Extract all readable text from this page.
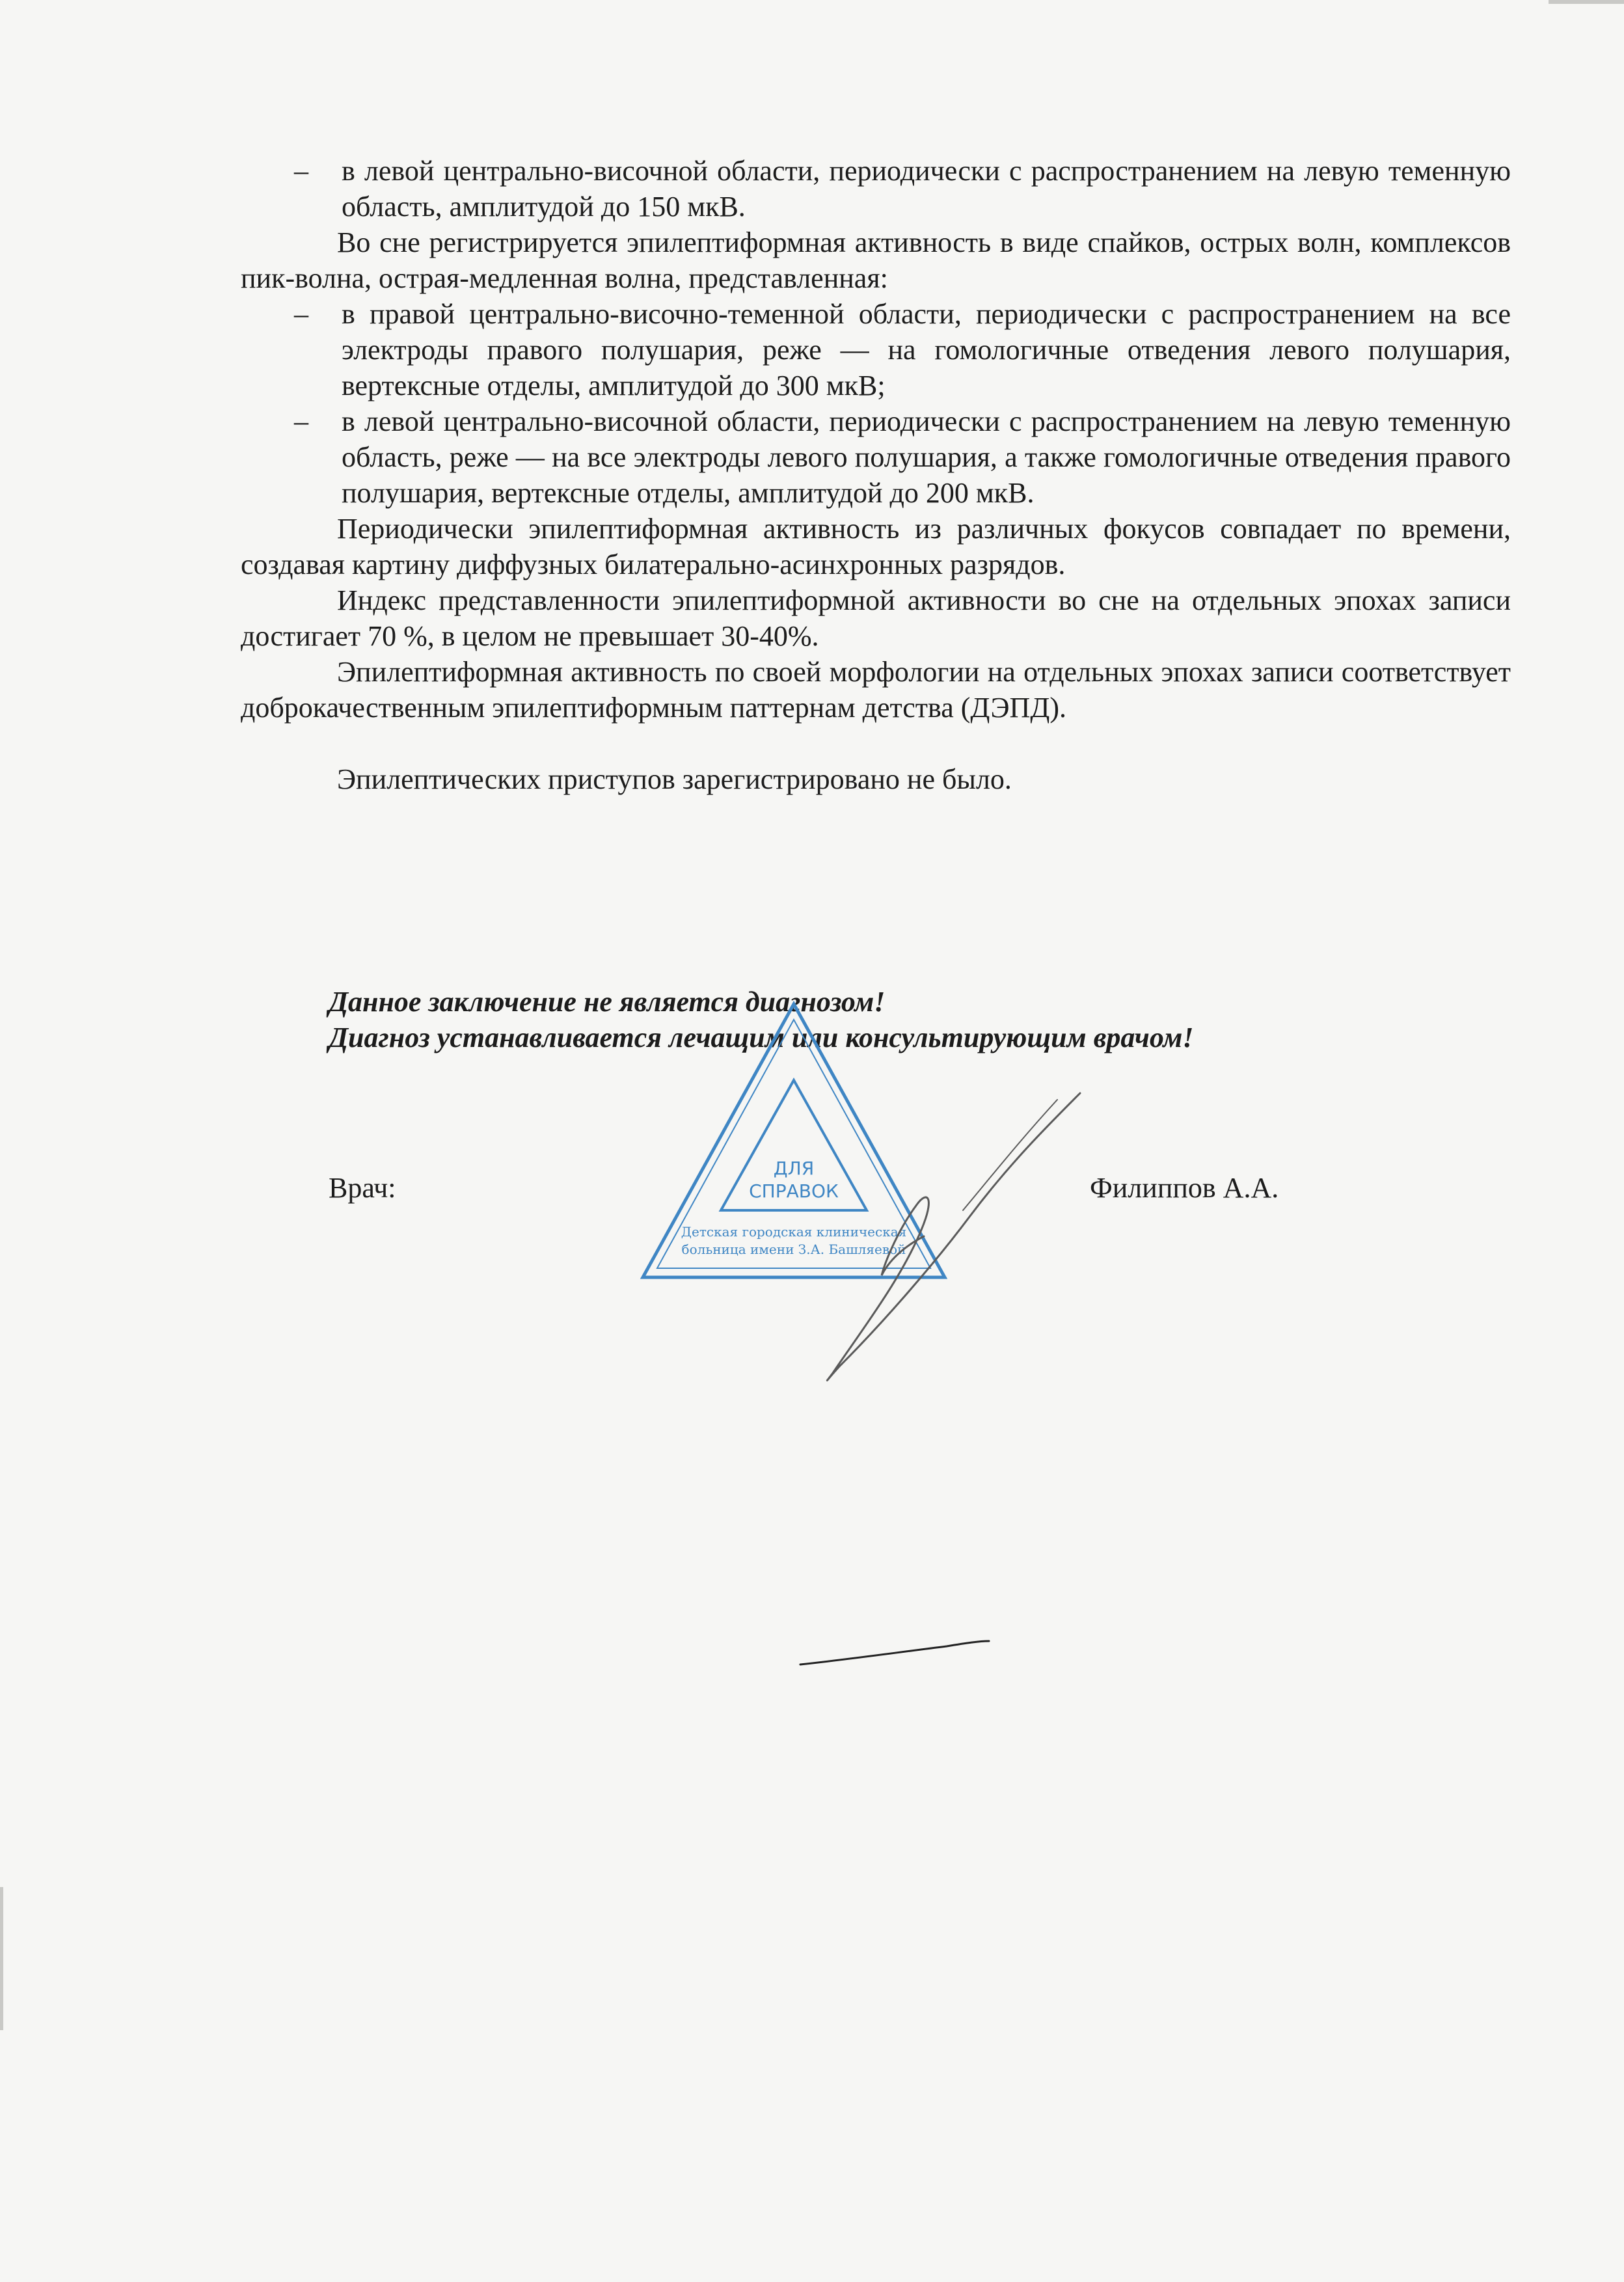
– в левой центрально-височной области, периодически с распространением на левую теменную область, амплитудой до 150 мкВ.

Во сне регистрируется эпилептиформная активность в виде спайков, острых волн, комплексов пик-волна, острая-медленная волна, представленная:

– в правой центрально-височно-теменной области, периодически с распространением на все электроды правого полушария, реже — на гомологичные отведения левого полушария, вертексные отделы, амплитудой до 300 мкВ;

– в левой центрально-височной области, периодически с распространением на левую теменную область, реже — на все электроды левого полушария, а также гомологичные отведения правого полушария, вертексные отделы, амплитудой до 200 мкВ.

Периодически эпилептиформная активность из различных фокусов совпадает по времени, создавая картину диффузных билатерально-асинхронных разрядов.

Индекс представленности эпилептиформной активности во сне на отдельных эпохах записи достигает 70 %, в целом не превышает 30-40%.

Эпилептиформная активность по своей морфологии на отдельных эпохах записи соответствует доброкачественным эпилептиформным паттернам детства (ДЭПД).

Эпилептических приступов зарегистрировано не было.

Данное заключение не является диагнозом!
Диагноз устанавливается лечащим или консультирующим врачом!
ДЛЯ
СПРАВОК
Детская городская клиническая
больница имени З.А. Башляевой
Врач:	Филиппов А.А.
